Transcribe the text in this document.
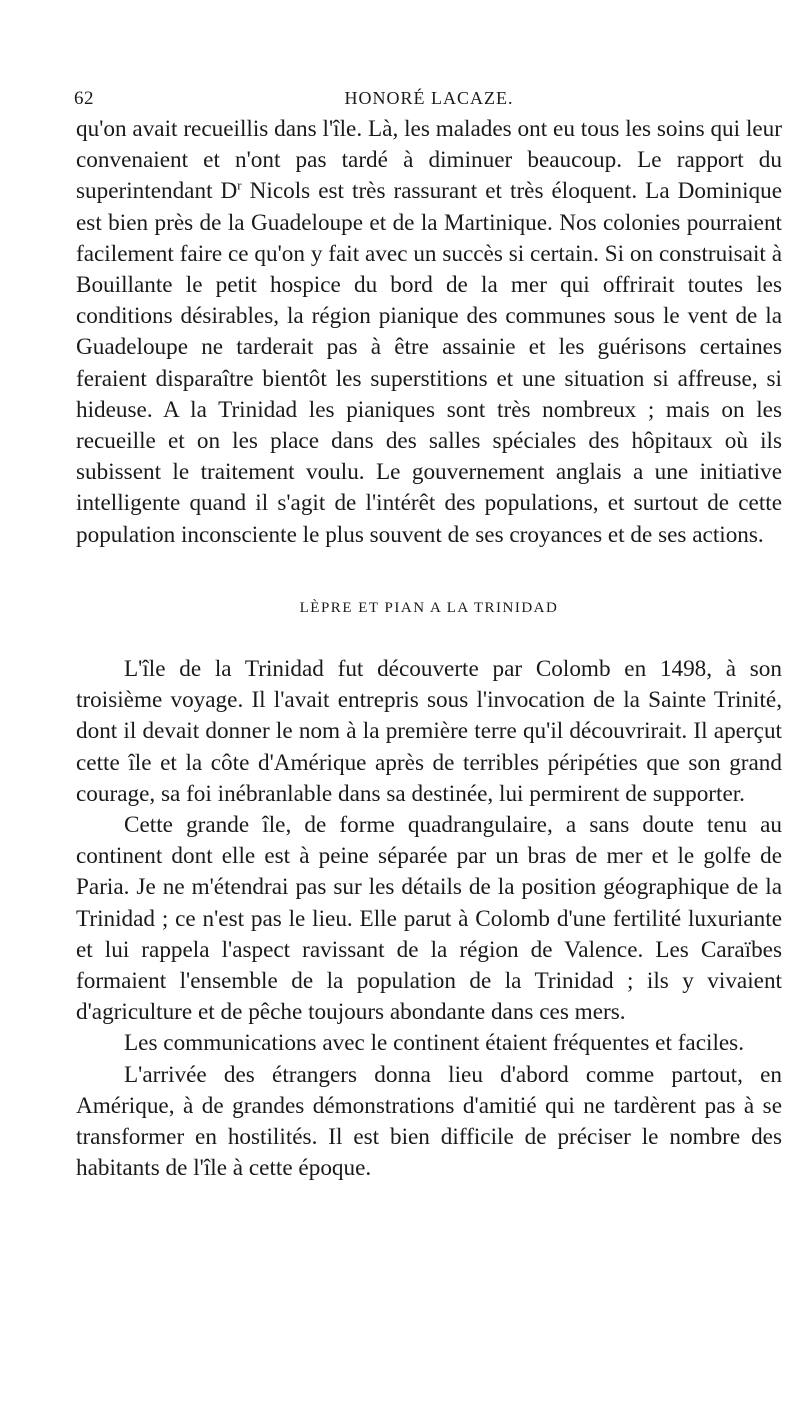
62	HONORÉ LACAZE.

qu'on avait recueillis dans l'île. Là, les malades ont eu tous les soins qui leur convenaient et n'ont pas tardé à diminuer beaucoup. Le rapport du superintendant $D^r$ Nicols est très rassurant et très éloquent. La Dominique est bien près de la Guadeloupe et de la Martinique. Nos colonies pourraient facilement faire ce qu'on y fait avec un succès si certain. Si on construisait à Bouillante le petit hospice du bord de la mer qui offrirait toutes les conditions désirables, la région pianique des communes sous le vent de la Guadeloupe ne tarderait pas à être assainie et les guérisons certaines feraient disparaître bientôt les superstitions et une situation si affreuse, si hideuse. A la Trinidad les pianiques sont très nombreux ; mais on les recueille et on les place dans des salles spéciales des hôpitaux où ils subissent le traitement voulu. Le gouvernement anglais a une initiative intelligente quand il s'agit de l'intérêt des populations, et surtout de cette population inconsciente le plus souvent de ses croyances et de ses actions.

LÈPRE ET PIAN A LA TRINIDAD

L'île de la Trinidad fut découverte par Colomb en 1498, à son troisième voyage. Il l'avait entrepris sous l'invocation de la Sainte Trinité, dont il devait donner le nom à la première terre qu'il découvrirait. Il aperçut cette île et la côte d'Amérique après de terribles péripéties que son grand courage, sa foi inébranlable dans sa destinée, lui permirent de supporter.

Cette grande île, de forme quadrangulaire, a sans doute tenu au continent dont elle est à peine séparée par un bras de mer et le golfe de Paria. Je ne m'étendrai pas sur les détails de la position géographique de la Trinidad ; ce n'est pas le lieu. Elle parut à Colomb d'une fertilité luxuriante et lui rappela l'aspect ravissant de la région de Valence. Les Caraïbes formaient l'ensemble de la population de la Trinidad ; ils y vivaient d'agriculture et de pêche toujours abondante dans ces mers.

Les communications avec le continent étaient fréquentes et faciles.

L'arrivée des étrangers donna lieu d'abord comme partout, en Amérique, à de grandes démonstrations d'amitié qui ne tardèrent pas à se transformer en hostilités. Il est bien difficile de préciser le nombre des habitants de l'île à cette époque.
